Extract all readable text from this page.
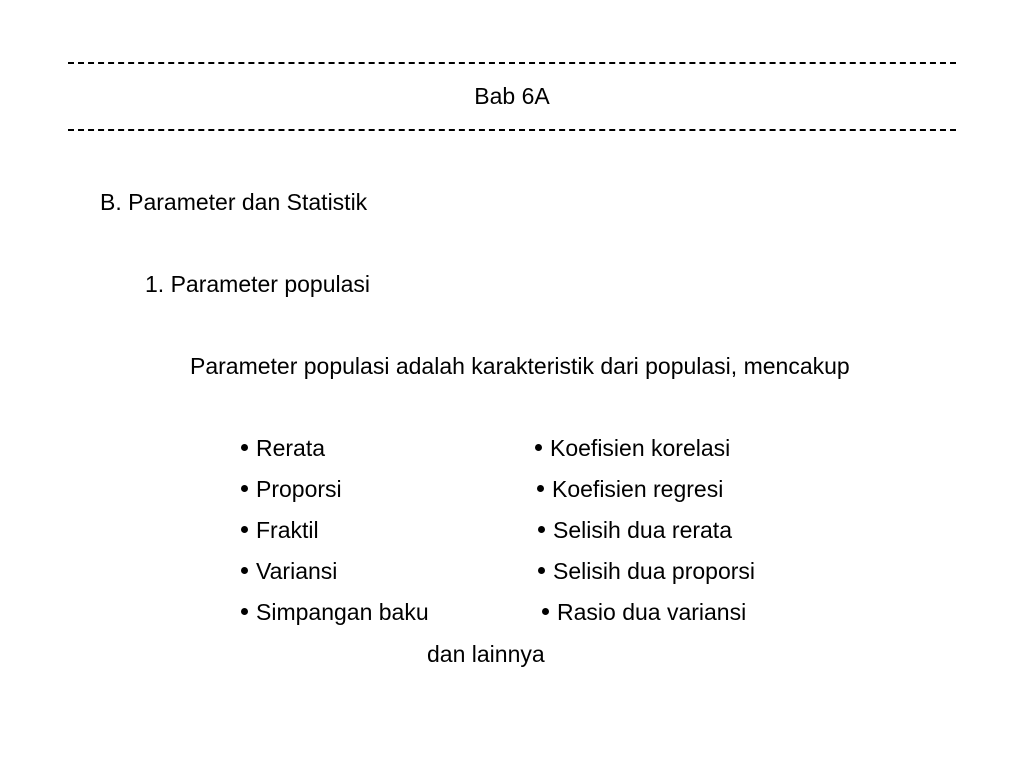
Bab 6A
B. Parameter dan Statistik
1. Parameter populasi
Parameter populasi adalah karakteristik dari populasi, mencakup
Rerata
Proporsi
Fraktil
Variansi
Simpangan baku
Koefisien korelasi
Koefisien regresi
Selisih dua rerata
Selisih dua proporsi
Rasio dua variansi
dan lainnya
